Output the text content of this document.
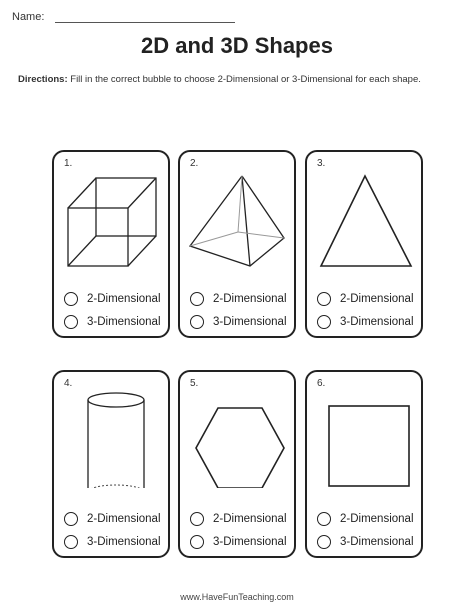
Name:
2D and 3D Shapes
Directions: Fill in the correct bubble to choose 2-Dimensional or 3-Dimensional for each shape.
1.
2-Dimensional
3-Dimensional
2.
2-Dimensional
3-Dimensional
3.
2-Dimensional
3-Dimensional
4.
2-Dimensional
3-Dimensional
5.
2-Dimensional
3-Dimensional
6.
2-Dimensional
3-Dimensional
www.HaveFunTeaching.com
